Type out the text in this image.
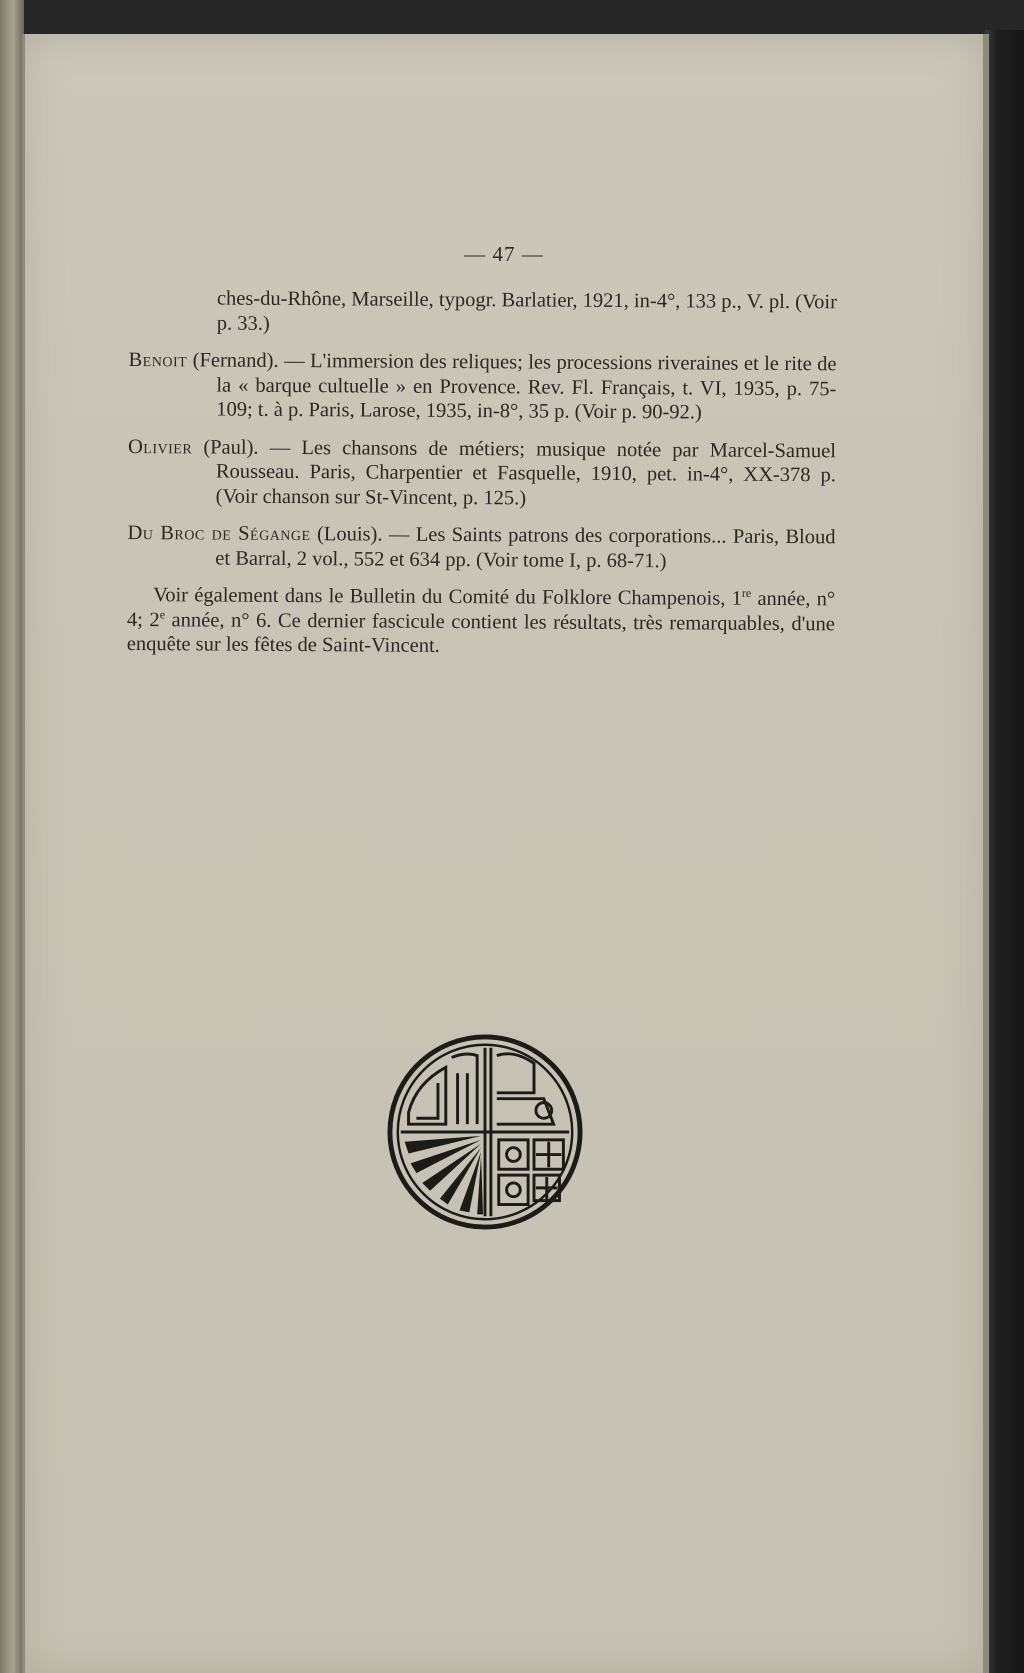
— 47 —

ches-du-Rhône, Marseille, typogr. Barlatier, 1921, in-4°, 133 p., V. pl. (Voir p. 33.)

Benoit (Fernand). — L'immersion des reliques; les processions riveraines et le rite de la « barque cultuelle » en Provence. Rev. Fl. Français, t. VI, 1935, p. 75-109; t. à p. Paris, Larose, 1935, in-8°, 35 p. (Voir p. 90-92.)

Olivier (Paul). — Les chansons de métiers; musique notée par Marcel-Samuel Rousseau. Paris, Charpentier et Fasquelle, 1910, pet. in-4°, XX-378 p. (Voir chanson sur St-Vincent, p. 125.)

Du Broc de Ségange (Louis). — Les Saints patrons des corporations... Paris, Bloud et Barral, 2 vol., 552 et 634 pp. (Voir tome I, p. 68-71.)

Voir également dans le Bulletin du Comité du Folklore Champenois, 1re année, n° 4; 2e année, n° 6. Ce dernier fascicule contient les résultats, très remarquables, d'une enquête sur les fêtes de Saint-Vincent.
